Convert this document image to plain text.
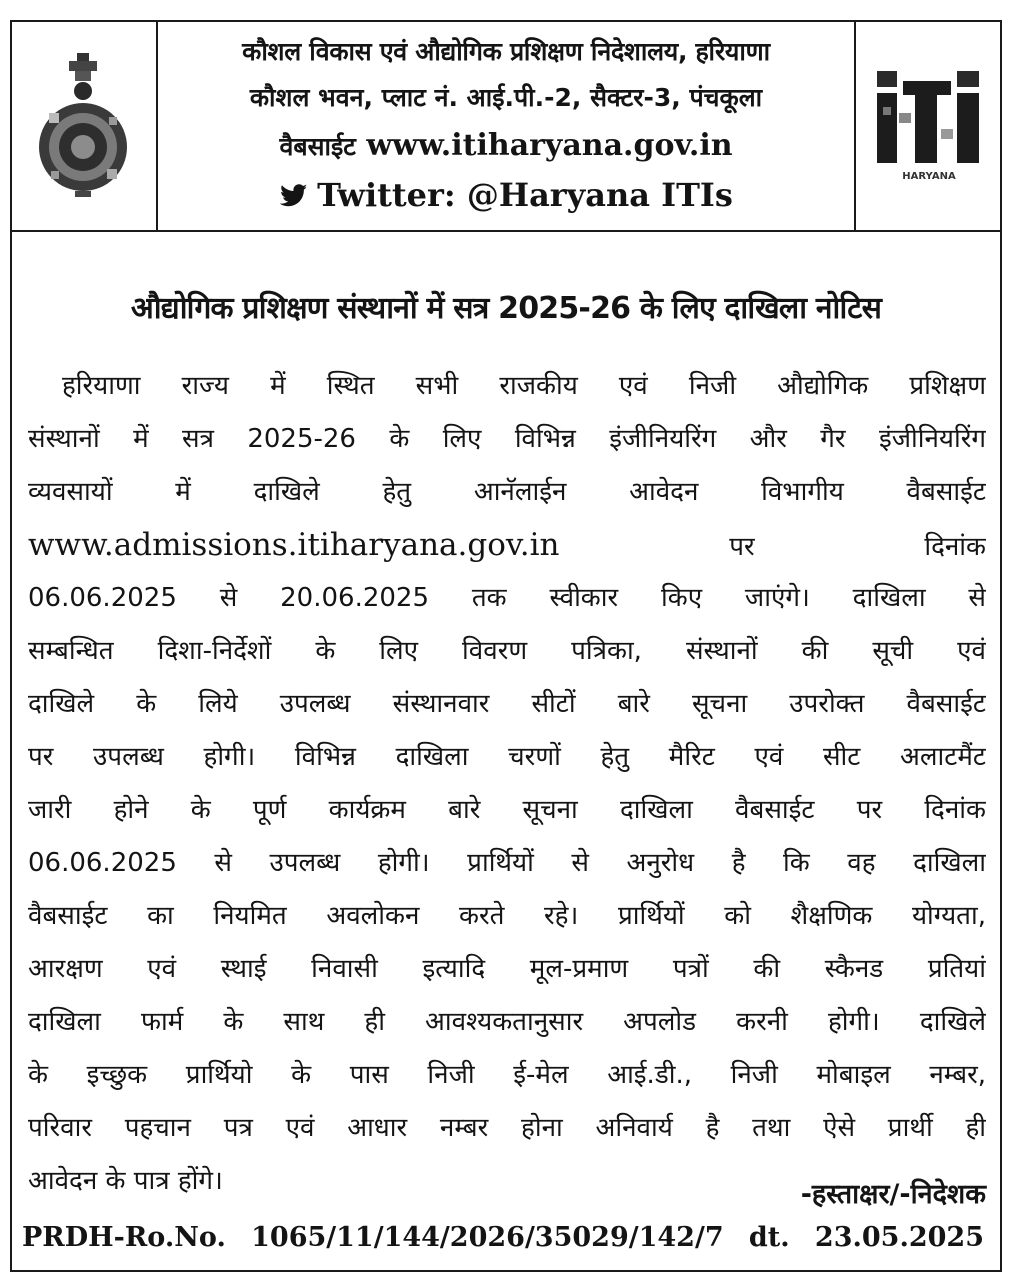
कौशल विकास एवं औद्योगिक प्रशिक्षण निदेशालय, हरियाणा
कौशल भवन, प्लाट नं. आई.पी.-2, सैक्टर-3, पंचकूला
वैबसाईट www.itiharyana.gov.in
Twitter: @Haryana ITIs	HARYANA
iti
औद्योगिक प्रशिक्षण संस्थानों में सत्र 2025-26 के लिए दाखिला नोटिस
हरियाणा राज्य में स्थित सभी राजकीय एवं निजी औद्योगिक प्रशिक्षण
संस्थानों में सत्र 2025-26 के लिए विभिन्न इंजीनियरिंग और गैर इंजीनियरिंग
व्यवसायों में दाखिले हेतु आनॅलाईन आवेदन विभागीय वैबसाईट
www.admissions.itiharyana.gov.in	पर दिनांक
06.06.2025 से 20.06.2025 तक स्वीकार किए जाएंगे। दाखिला से
सम्बन्धित दिशा-निर्देशों के लिए विवरण पत्रिका, संस्थानों की सूची एवं
दाखिले के लिये उपलब्ध संस्थानवार सीटों बारे सूचना उपरोक्त वैबसाईट
पर उपलब्ध होगी। विभिन्न दाखिला चरणों हेतु मैरिट एवं सीट अलाटमैंट
जारी होने के पूर्ण कार्यक्रम बारे सूचना दाखिला वैबसाईट पर दिनांक
06.06.2025 से उपलब्ध होगी। प्रार्थियों से अनुरोध है कि वह दाखिला
वैबसाईट का नियमित अवलोकन करते रहे। प्रार्थियों को शैक्षणिक योग्यता,
आरक्षण एवं स्थाई निवासी इत्यादि मूल-प्रमाण पत्रों की स्कैनड प्रतियां
दाखिला फार्म के साथ ही आवश्यकतानुसार अपलोड करनी होगी। दाखिले
के इच्छुक प्रार्थियो के पास निजी ई-मेल आई.डी., निजी मोबाइल नम्बर,
परिवार पहचान पत्र एवं आधार नम्बर होना अनिवार्य है तथा ऐसे प्रार्थी ही
आवेदन के पात्र होंगे।	-हस्ताक्षर/-निदेशक
PRDH-Ro.No. 1065/11/144/2026/35029/142/7 dt. 23.05.2025
